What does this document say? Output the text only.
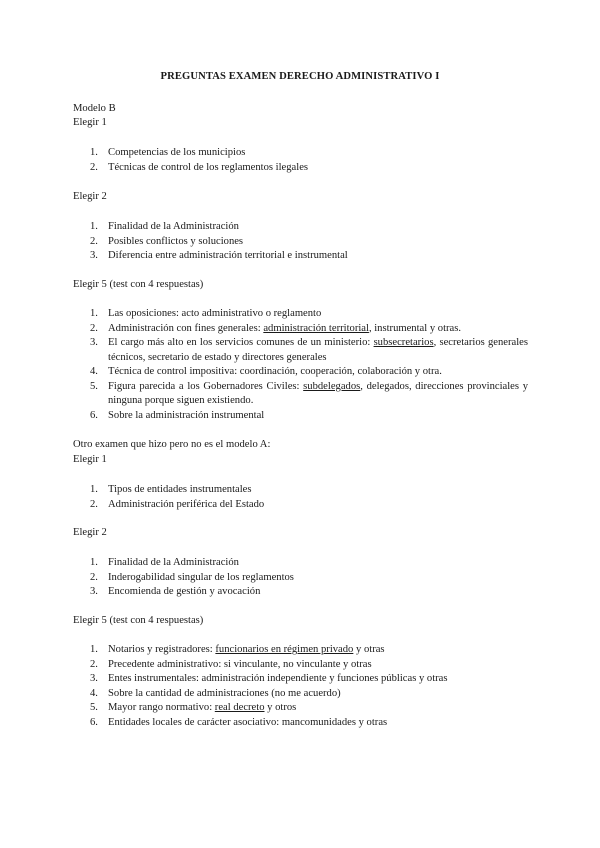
PREGUNTAS EXAMEN DERECHO ADMINISTRATIVO I
Modelo B
Elegir 1
1. Competencias de los municipios
2. Técnicas de control de los reglamentos ilegales
Elegir 2
1. Finalidad de la Administración
2. Posibles conflictos y soluciones
3. Diferencia entre administración territorial e instrumental
Elegir 5 (test con 4 respuestas)
1. Las oposiciones: acto administrativo o reglamento
2. Administración con fines generales: administración territorial, instrumental y otras.
3. El cargo más alto en los servicios comunes de un ministerio: subsecretarios, secretarios generales técnicos, secretario de estado y directores generales
4. Técnica de control impositiva: coordinación, cooperación, colaboración y otra.
5. Figura parecida a los Gobernadores Civiles: subdelegados, delegados, direcciones provinciales y ninguna porque siguen existiendo.
6. Sobre la administración instrumental
Otro examen que hizo pero no es el modelo A:
Elegir 1
1. Tipos de entidades instrumentales
2. Administración periférica del Estado
Elegir 2
1. Finalidad de la Administración
2. Inderogabilidad singular de los reglamentos
3. Encomienda de gestión y avocación
Elegir 5 (test con 4 respuestas)
1. Notarios y registradores: funcionarios en régimen privado y otras
2. Precedente administrativo: si vinculante, no vinculante y otras
3. Entes instrumentales: administración independiente y funciones públicas y otras
4. Sobre la cantidad de administraciones (no me acuerdo)
5. Mayor rango normativo: real decreto y otros
6. Entidades locales de carácter asociativo: mancomunidades y otras
